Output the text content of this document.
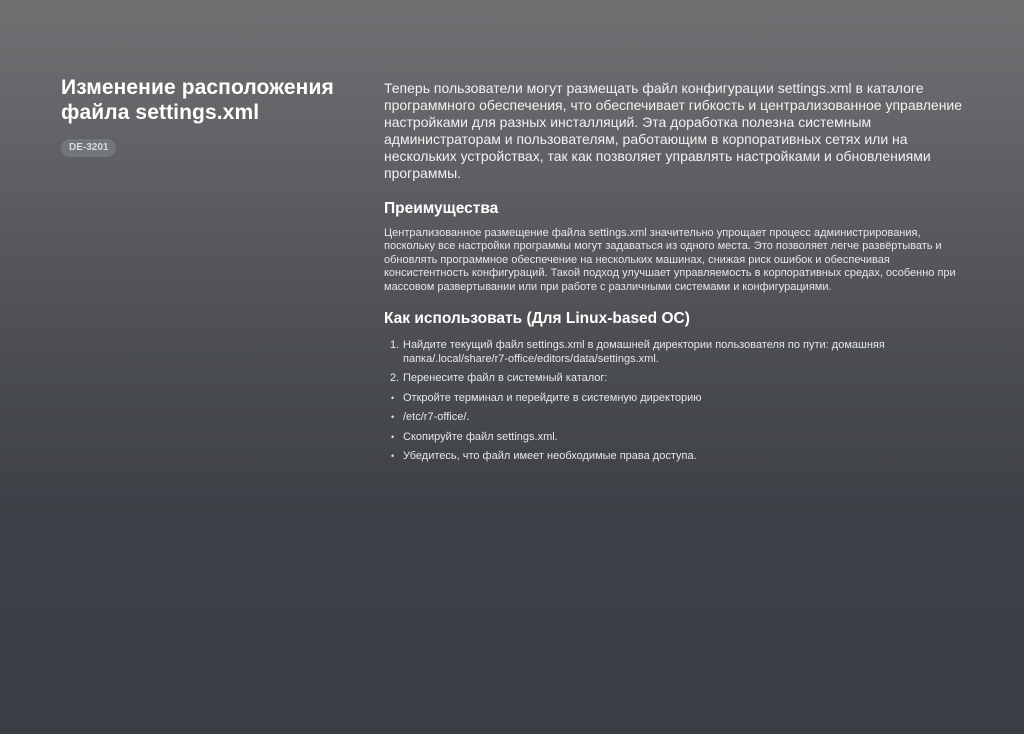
Изменение расположения
файла settings.xml
DE-3201

Теперь пользователи могут размещать файл конфигурации settings.xml в каталоге программного обеспечения, что обеспечивает гибкость и централизованное управление настройками для разных инсталляций. Эта доработка полезна системным администраторам и пользователям, работающим в корпоративных сетях или на нескольких устройствах, так как позволяет управлять настройками и обновлениями программы.

Преимущества

Централизованное размещение файла settings.xml значительно упрощает процесс администрирования, поскольку все настройки программы могут задаваться из одного места. Это позволяет легче развёртывать и обновлять программное обеспечение на нескольких машинах, снижая риск ошибок и обеспечивая консистентность конфигураций. Такой подход улучшает управляемость в корпоративных средах, особенно при массовом развертывании или при работе с различными системами и конфигурациями.

Как использовать (Для Linux-based ОС)
1. Найдите текущий файл settings.xml в домашней директории пользователя по пути: домашняя папка/.local/share/r7-office/editors/data/settings.xml.
2. Перенесите файл в системный каталог:
• Откройте терминал и перейдите в системную директорию
• /etc/r7-office/.
• Скопируйте файл settings.xml.
• Убедитесь, что файл имеет необходимые права доступа.
